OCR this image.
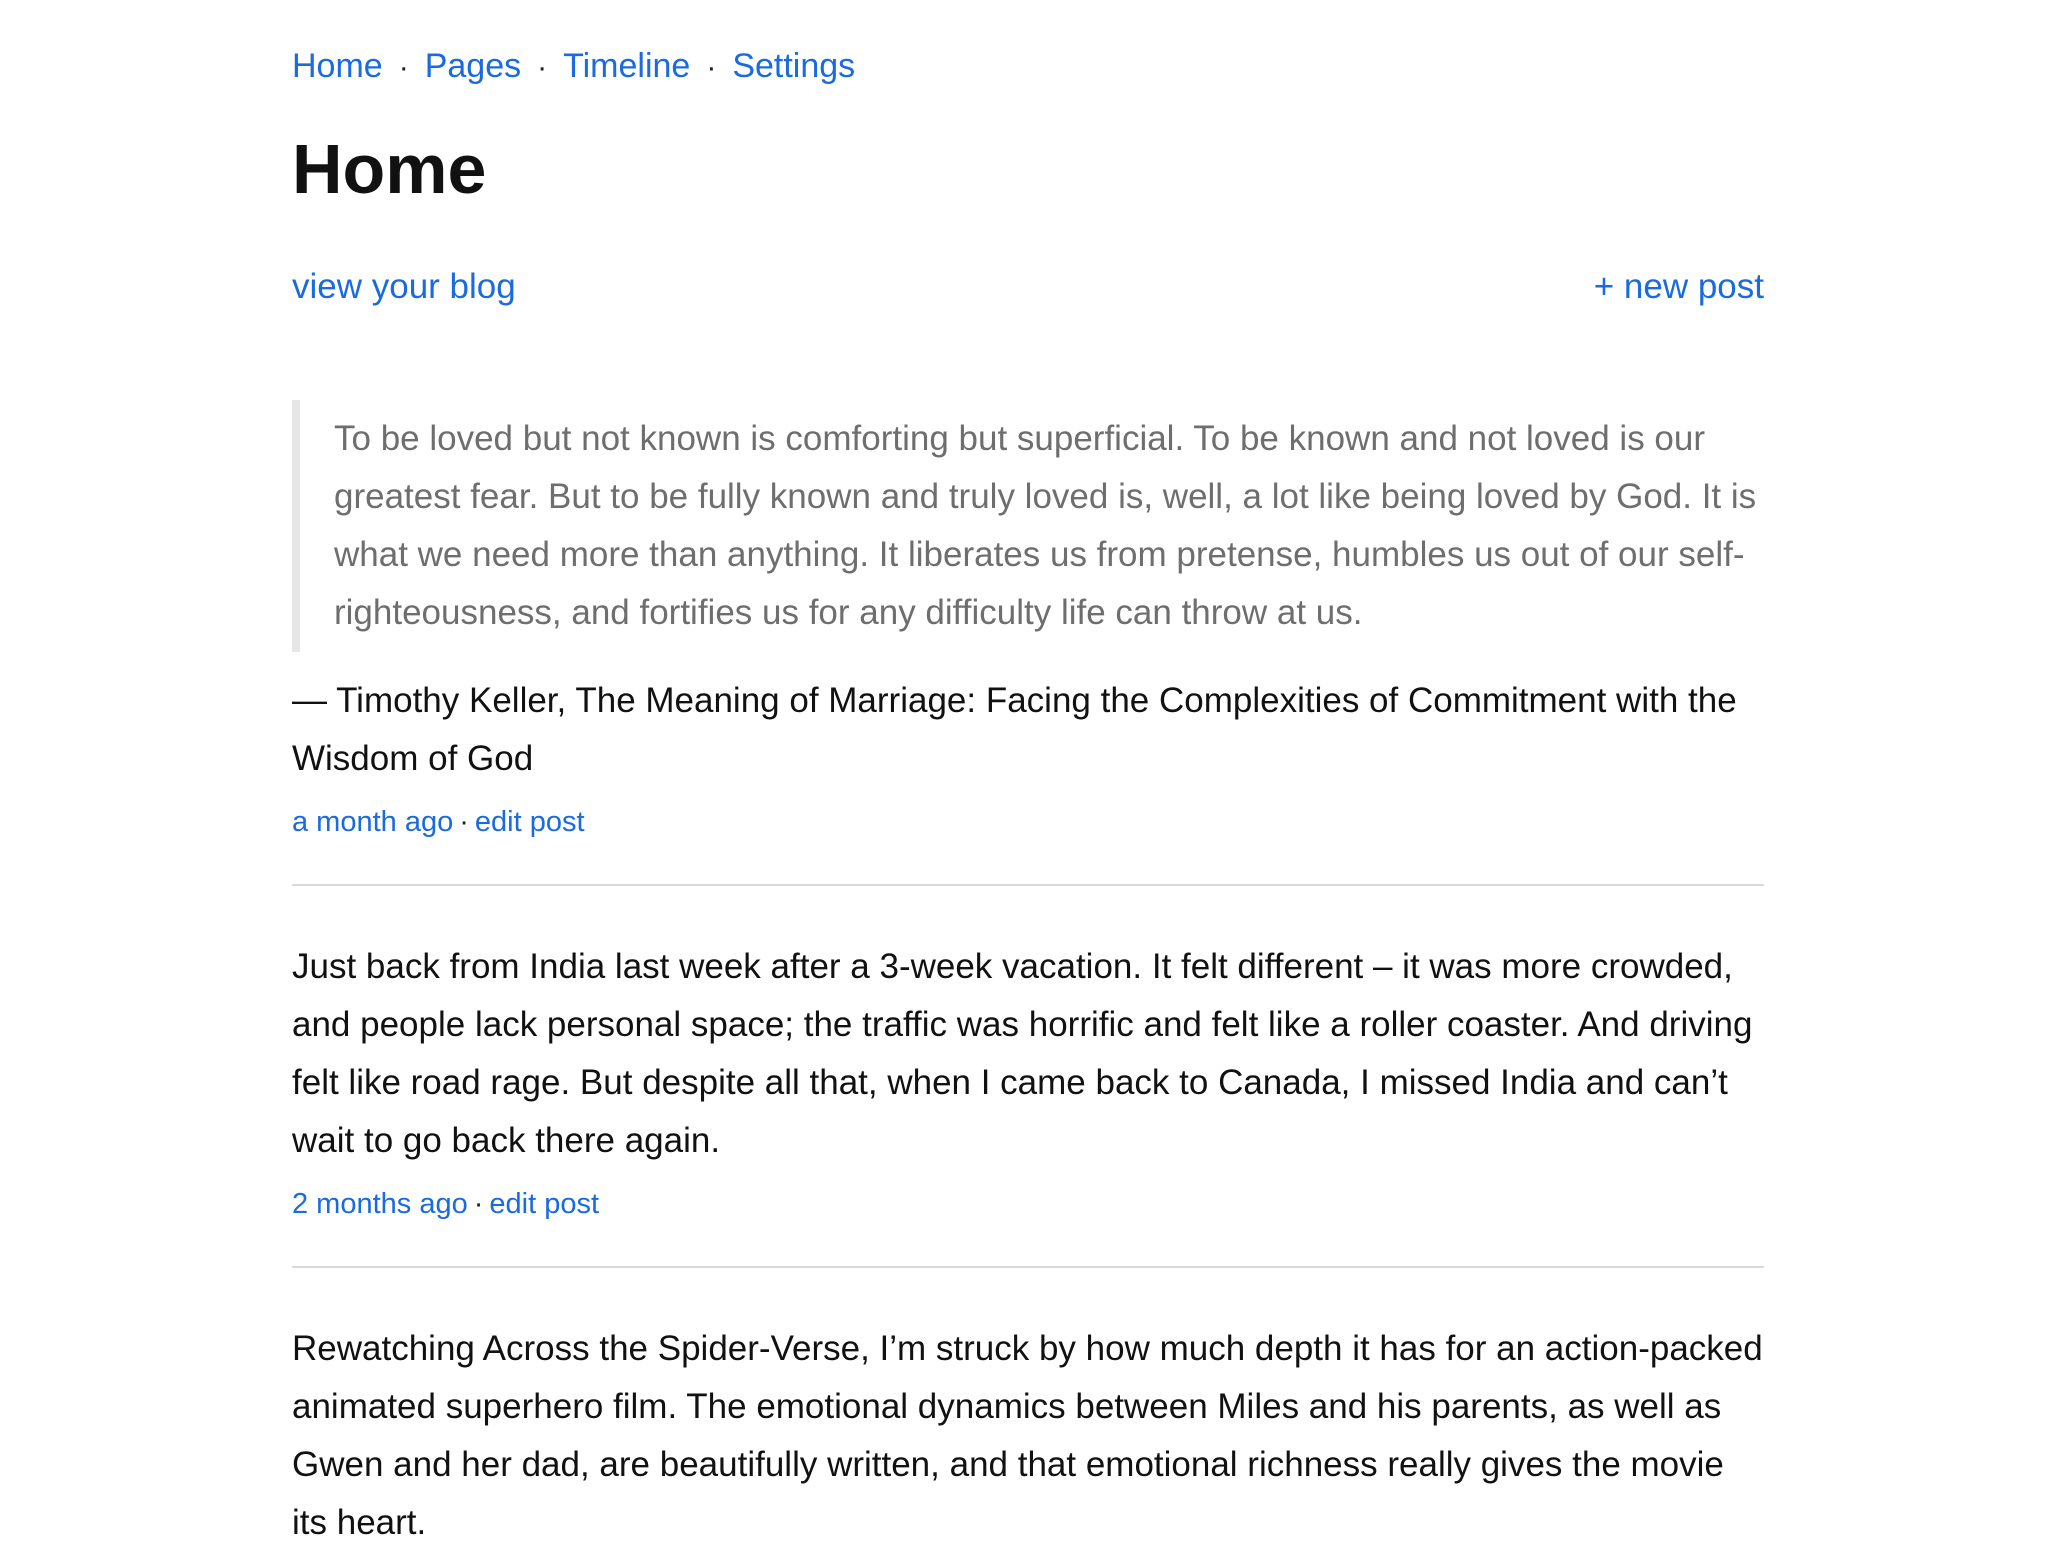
Home · Pages · Timeline · Settings
Home
view your blog	+ new post
To be loved but not known is comforting but superficial. To be known and not loved is our greatest fear. But to be fully known and truly loved is, well, a lot like being loved by God. It is what we need more than anything. It liberates us from pretense, humbles us out of our self-righteousness, and fortifies us for any difficulty life can throw at us.
— Timothy Keller, The Meaning of Marriage: Facing the Complexities of Commitment with the Wisdom of God
a month ago · edit post
Just back from India last week after a 3-week vacation. It felt different – it was more crowded, and people lack personal space; the traffic was horrific and felt like a roller coaster. And driving felt like road rage. But despite all that, when I came back to Canada, I missed India and can’t wait to go back there again.
2 months ago · edit post
Rewatching Across the Spider-Verse, I’m struck by how much depth it has for an action-packed animated superhero film. The emotional dynamics between Miles and his parents, as well as Gwen and her dad, are beautifully written, and that emotional richness really gives the movie its heart.
